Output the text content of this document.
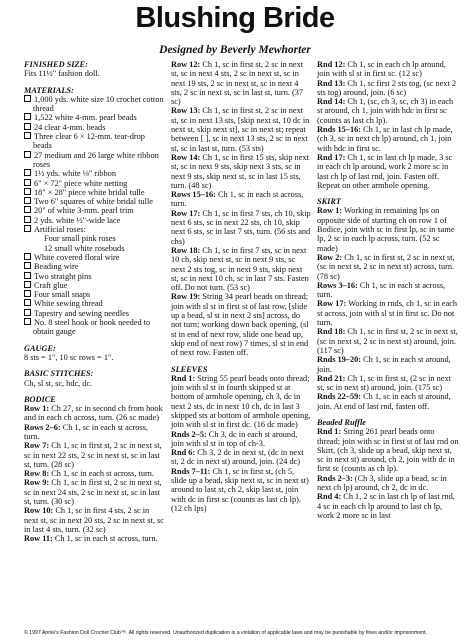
Blushing Bride
Designed by Beverly Mewhorter
FINISHED SIZE:
Fits 11½" fashion doll.
MATERIALS:
1,000 yds. white size 10 crochet cotton thread
1,522 white 4-mm. pearl beads
24 clear 4-mm. beads
Three clear 6 × 12-mm. tear-drop beads
27 medium and 26 large white ribbon roses
1½ yds. white ⅛" ribbon
6" × 72" piece white netting
18" × 28" piece white bridal tulle
Two 6" squares of white bridal tulle
20" of white 3-mm. pearl trim
2 yds. white ½"-wide lace
Artificial roses:
Four small pink roses
12 small white rosebuds
White covered floral wire
Beading wire
Two straight pins
Craft glue
Four small snaps
White sewing thread
Tapestry and sewing needles
No. 8 steel hook or hook needed to obtain gauge
GAUGE:
8 sts = 1", 10 sc rows = 1".
BASIC STITCHES:
Ch, sl st, sc, hdc, dc.
BODICE
Row 1: Ch 27, sc in second ch from hook and in each ch across, turn. (26 sc made)
Rows 2–6: Ch 1, sc in each st across, turn.
Row 7: Ch 1, sc in first st, 2 sc in next st, sc in next 22 sts, 2 sc in next st, sc in last st, turn. (28 sc)
Row 8: Ch 1, sc in each st across, turn.
Row 9: Ch 1, sc in first st, 2 sc in next st, sc in next 24 sts, 2 sc in next st, sc in last st, turn. (30 sc)
Row 10: Ch 1, sc in first 4 sts, 2 sc in next st, sc in next 20 sts, 2 sc in next st, sc in last 4 sts, turn. (32 sc)
Row 11: Ch 1, sc in each st across, turn.
Row 12: Ch 1, sc in first st, 2 sc in next st, sc in next 4 sts, 2 sc in next st, sc in next 19 sts, 2 sc in next st, sc in next 4 sts, 2 sc in next st, sc in last st, turn. (37 sc)
Row 13: Ch 1, sc in first st, 2 sc in next st, sc in next 13 sts, [skip next st, 10 dc in next st, skip next st], sc in next st; repeat between [ ], sc in next 13 sts, 2 sc in next st, sc in last st, turn. (53 sts)
Row 14: Ch 1, sc in first 15 sts, skip next st, sc in next 9 sts, skip next 3 sts, sc in next 9 sts, skip next st, sc in last 15 sts, turn. (48 sc)
Rows 15–16: Ch 1, sc in each st across, turn.
Row 17: Ch 1, sc in first 7 sts, ch 10, skip next 6 sts, sc in next 22 sts, ch 10, skip next 6 sts, sc in last 7 sts, turn. (56 sts and chs)
Row 18: Ch 1, sc in first 7 sts, sc in next 10 ch, skip next st, sc in next 9 sts, sc next 2 sts tog, sc in next 9 sts, skip next st, sc in next 10 ch, sc in last 7 sts. Fasten off. Do not turn. (53 sc)
Row 19: String 34 pearl beads on thread; join with sl st in first st of last row, [slide up a bead, sl st in next 2 sts] across, do not turn; working down back opening, (sl st in end of next row, slide one bead up, skip end of next row) 7 times, sl st in end of next row. Fasten off.
SLEEVES
Rnd 1: String 55 pearl beads onto thread; join with sl st in fourth skipped st at bottom of armhole opening, ch 3, dc in next 2 sts, dc in next 10 ch, dc in last 3 skipped sts at bottom of armhole opening, join with sl st in first dc. (16 dc made)
Rnds 2–5: Ch 3, dc in each st around, join with sl st in top of ch-3.
Rnd 6: Ch 3, 2 dc in next st, (dc in next st, 2 dc in next st) around, join. (24 dc)
Rnds 7–11: Ch 1, sc in first st, (ch 5, slide up a bead, skip next st, sc in next st) around to last st, ch 2, skip last st, join with dc in first sc (counts as last ch lp). (12 ch lps)
Rnd 12: Ch 1, sc in each ch lp around, join with sl st in first sc. (12 sc)
Rnd 13: Ch 1, sc first 2 sts tog, (sc next 2 sts tog) around, join. (6 sc)
Rnd 14: Ch 1, (sc, ch 3, sc, ch 3) in each st around, ch 1, join with hdc in first sc (counts as last ch lp).
Rnds 15–16: Ch 1, sc in last ch lp made, (ch 3, sc in next ch lp) around, ch 1, join with hdc in first sc.
Rnd 17: Ch 1, sc in last ch lp made, 3 sc in each ch lp around, work 2 more sc in last ch lp of last rnd, join. Fasten off.
Repeat on other armhole opening.
SKIRT
Row 1: Working in remaining lps on opposite side of starting ch on row 1 of Bodice, join with sc in first lp, sc in same lp, 2 sc in each lp across, turn. (52 sc made)
Row 2: Ch 1, sc in first st, 2 sc in next st, (sc in next st, 2 sc in next st) across, turn. (78 sc)
Rows 3–16: Ch 1, sc in each st across, turn.
Row 17: Working in rnds, ch 1, sc in each st across, join with sl st in first sc. Do not turn.
Rnd 18: Ch 1, sc in first st, 2 sc in next st, (sc in next st, 2 sc in next st) around, join. (117 sc)
Rnds 19–20: Ch 1, sc in each st around, join.
Rnd 21: Ch 1, sc in first st, (2 sc in next st, sc in next st) around, join. (175 sc)
Rnds 22–59: Ch 1, sc in each st around, join. At end of last rnd, fasten off.
Beaded Ruffle
Rnd 1: String 261 pearl beads onto thread; join with sc in first st of last rnd on Skirt, (ch 3, slide up a bead, skip next st, sc in next st) around, ch 2, join with dc in first sc (counts as ch lp).
Rnds 2–3: (Ch 3, slide up a bead, sc in next ch lp) around, ch 2, dc in dc.
Rnd 4: Ch 1, 2 sc in last ch lp of last rnd, 4 sc in each ch lp around to last ch lp, work 2 more sc in last
© 1997 Annie's Fashion Doll Crochet Club™. All rights reserved. Unauthorized duplication is a violation of applicable laws and may be punishable by fines and/or imprisonment.
